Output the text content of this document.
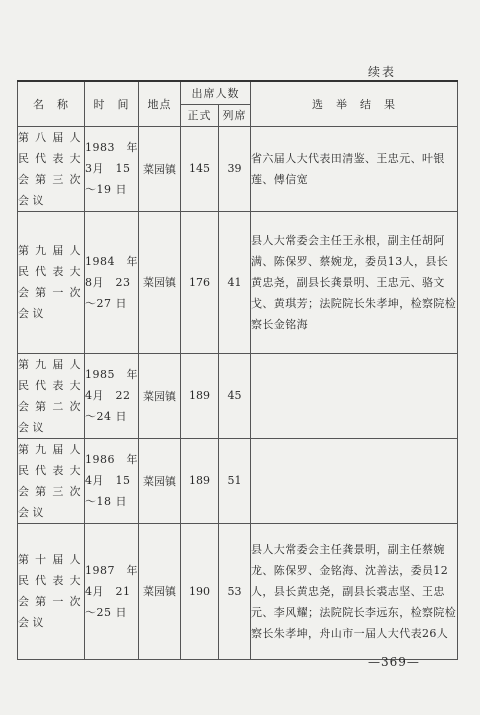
续表
名　称	时　间	地点	出席人数		选　举　结　果
			正式	列席	
第八届人民代表大会第三次会议	1983　年 3月　15 ～19 日	菜园镇	145	39	省六届人大代表田清鉴、王忠元、叶银莲、傅信宽
第九届人民代表大会第一次会议	1984　年 8月　23 ～27 日	菜园镇	176	41	县人大常委会主任王永根，副主任胡阿满、陈保罗、蔡婉龙，委员13人，县长黄忠尧，副县长龚景明、王忠元、骆文戈、黄琪芳；法院院长朱孝坤，检察院检察长金铭海
第九届人民代表大会第二次会议	1985　年 4月　22 ～24 日	菜园镇	189	45	
第九届人民代表大会第三次会议	1986　年 4月　15 ～18 日	菜园镇	189	51	
第十届人民代表大会第一次会议	1987　年 4月　21 ～25 日	菜园镇	190	53	县人大常委会主任龚景明，副主任蔡婉龙、陈保罗、金铭海、沈善法，委员12人，县长黄忠尧，副县长裘志坚、王忠元、李风耀；法院院长李远东，检察院检察长朱孝坤，舟山市一届人大代表26人
—369—
